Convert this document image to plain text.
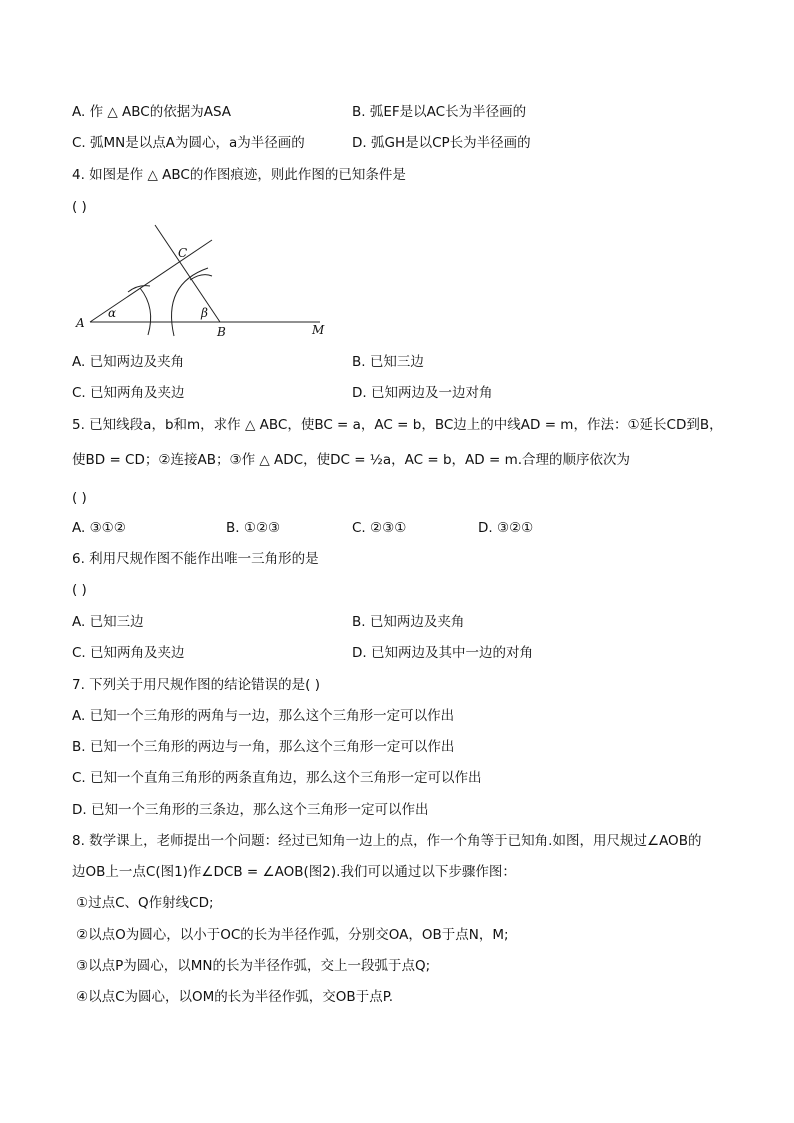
A. 作 △ ABC的依据为ASA	B. 弧EF是以AC长为半径画的
C. 弧MN是以点A为圆心，a为半径画的	D. 弧GH是以CP长为半径画的
4. 如图是作 △ ABC的作图痕迹，则此作图的已知条件是
( )
A
α
C
β
B	M
A. 已知两边及夹角	B. 已知三边
C. 已知两角及夹边	D. 已知两边及一边对角
5. 已知线段a，b和m，求作 △ ABC，使BC = a，AC = b，BC边上的中线AD = m，作法：①延长CD到B，
使BD = CD；②连接AB；③作 △ ADC，使DC = ½a，AC = b，AD = m.合理的顺序依次为
( )
A. ③①②	B. ①②③	C. ②③①	D. ③②①
6. 利用尺规作图不能作出唯一三角形的是
( )
A. 已知三边	B. 已知两边及夹角
C. 已知两角及夹边	D. 已知两边及其中一边的对角
7. 下列关于用尺规作图的结论错误的是( )
A. 已知一个三角形的两角与一边，那么这个三角形一定可以作出
B. 已知一个三角形的两边与一角，那么这个三角形一定可以作出
C. 已知一个直角三角形的两条直角边，那么这个三角形一定可以作出
D. 已知一个三角形的三条边，那么这个三角形一定可以作出
8. 数学课上，老师提出一个问题：经过已知角一边上的点，作一个角等于已知角.如图，用尺规过∠AOB的
边OB上一点C(图1)作∠DCB = ∠AOB(图2).我们可以通过以下步骤作图：
①过点C、Q作射线CD;
②以点O为圆心，以小于OC的长为半径作弧，分别交OA，OB于点N，M;
③以点P为圆心，以MN的长为半径作弧，交上一段弧于点Q;
④以点C为圆心，以OM的长为半径作弧，交OB于点P.
